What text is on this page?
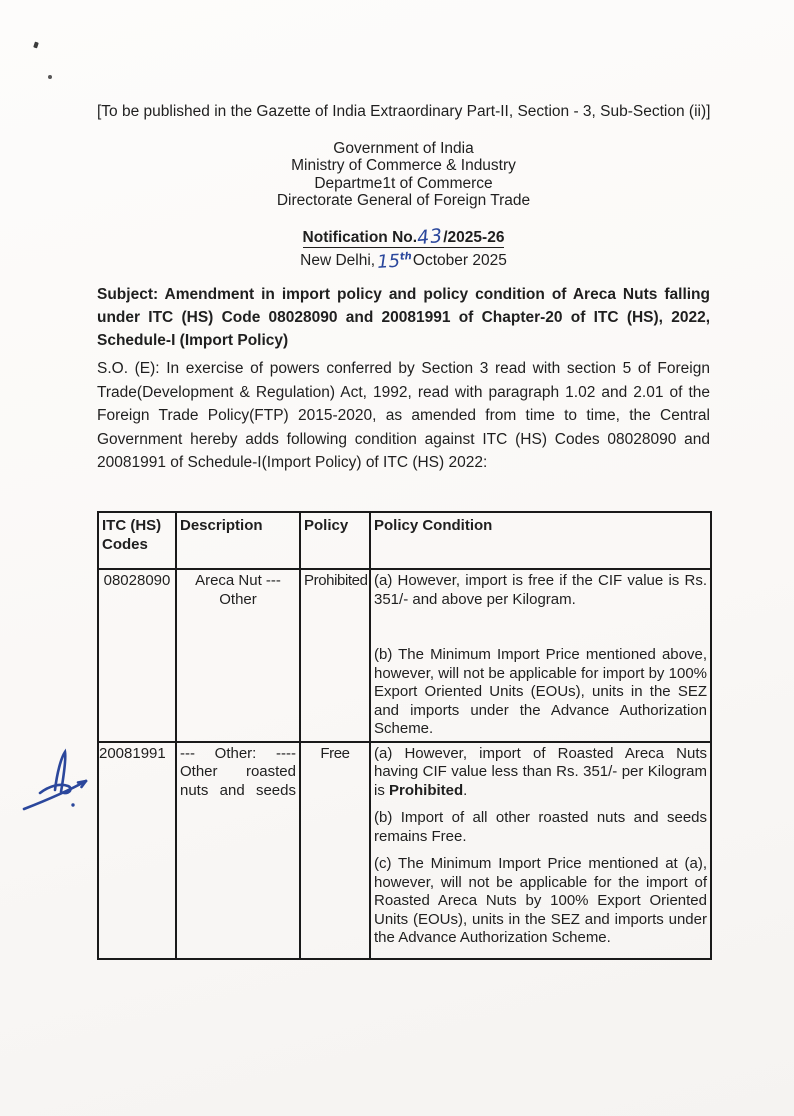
[To be published in the Gazette of India Extraordinary Part-II, Section - 3, Sub-Section (ii)]

Government of India

Ministry of Commerce & Industry

Departme1t of Commerce

Directorate General of Foreign Trade

Notification No.43/2025-26
New Delhi,15thOctober 2025

Subject: Amendment in import policy and policy condition of Areca Nuts falling under ITC (HS) Code 08028090 and 20081991 of Chapter-20 of ITC (HS), 2022, Schedule-I (Import Policy)

S.O. (E): In exercise of powers conferred by Section 3 read with section 5 of Foreign Trade(Development & Regulation) Act, 1992, read with paragraph 1.02 and 2.01 of the Foreign Trade Policy(FTP) 2015-2020, as amended from time to time, the Central Government hereby adds following condition against ITC (HS) Codes 08028090 and 20081991 of Schedule-I(Import Policy) of ITC (HS) 2022:

ITC (HS) Codes	Description	Policy	Policy Condition
08028090	Areca Nut --- Other	Prohibited	(a) However, import is free if the CIF value is Rs. 351/- and above per Kilogram.

(b) The Minimum Import Price mentioned above, however, will not be applicable for import by 100% Export Oriented Units (EOUs), units in the SEZ and imports under the Advance Authorization Scheme.

20081991	--- Other: ---- Other roasted nuts and seeds	Free	(a) However, import of Roasted Areca Nuts having CIF value less than Rs. 351/- per Kilogram is Prohibited.

(b) Import of all other roasted nuts and seeds remains Free.

(c) The Minimum Import Price mentioned at (a), however, will not be applicable for the import of Roasted Areca Nuts by 100% Export Oriented Units (EOUs), units in the SEZ and imports under the Advance Authorization Scheme.
